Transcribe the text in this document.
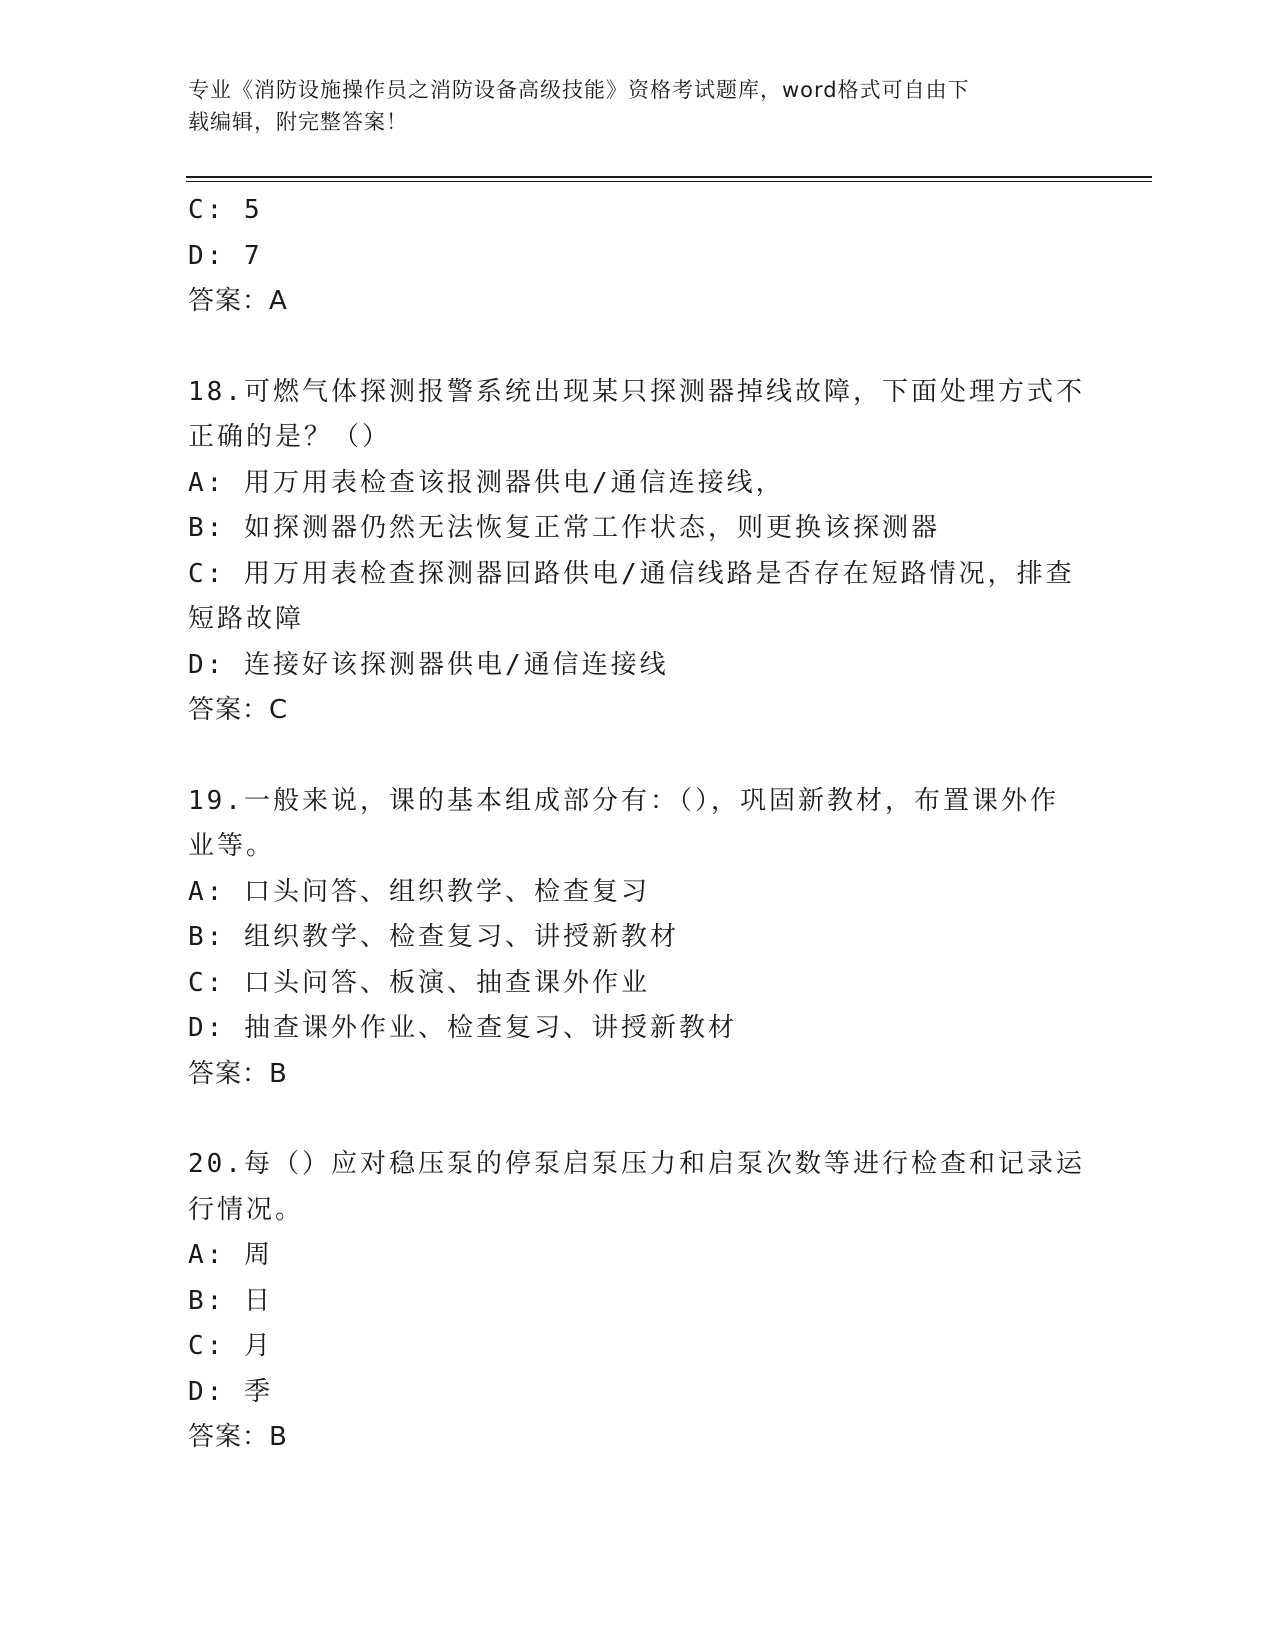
专业《消防设施操作员之消防设备高级技能》资格考试题库，word格式可自由下
载编辑，附完整答案！
C: 5
D: 7
答案：A
18.可燃气体探测报警系统出现某只探测器掉线故障，下面处理方式不
正确的是？（）
A: 用万用表检查该报测器供电/通信连接线，
B: 如探测器仍然无法恢复正常工作状态，则更换该探测器
C: 用万用表检查探测器回路供电/通信线路是否存在短路情况，排查
短路故障
D: 连接好该探测器供电/通信连接线
答案：C
19.一般来说，课的基本组成部分有：（），巩固新教材，布置课外作
业等。
A: 口头问答、组织教学、检查复习
B: 组织教学、检查复习、讲授新教材
C: 口头问答、板演、抽查课外作业
D: 抽查课外作业、检查复习、讲授新教材
答案：B
20.每（）应对稳压泵的停泵启泵压力和启泵次数等进行检查和记录运
行情况。
A: 周
B: 日
C: 月
D: 季
答案：B
